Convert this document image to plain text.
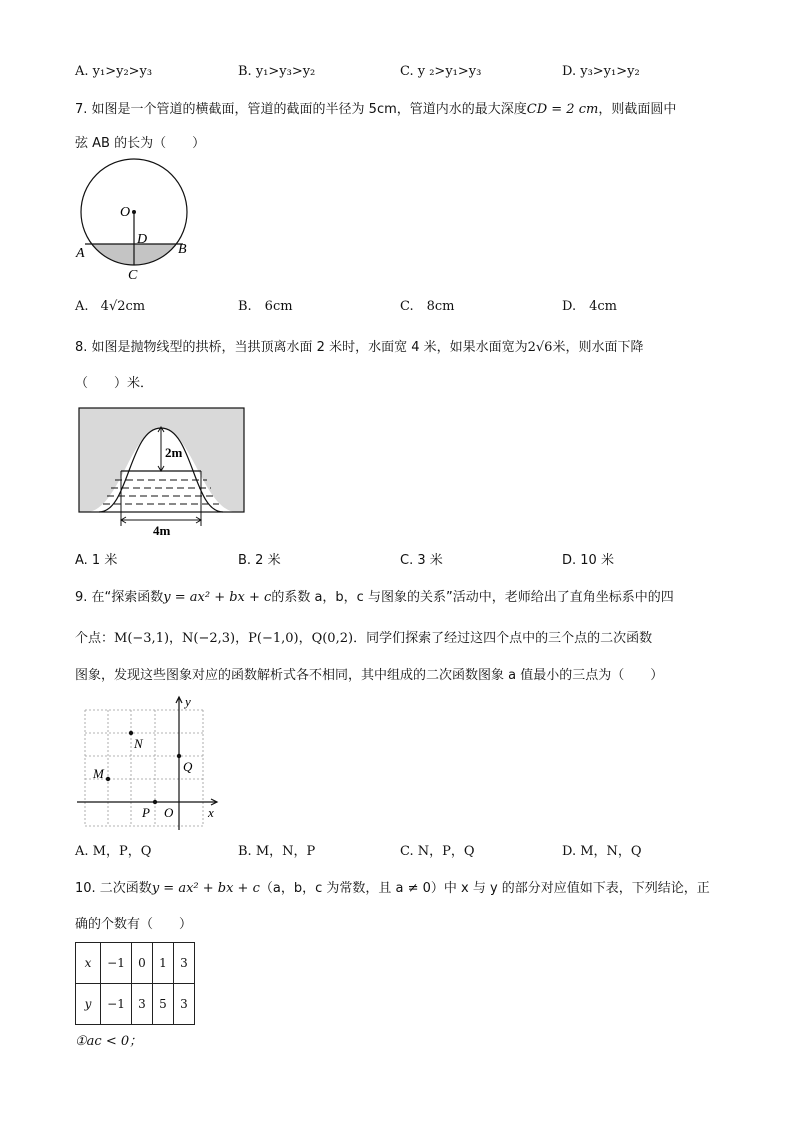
A. y₁>y₂>y₃	B. y₁>y₃>y₂	C. y ₂>y₁>y₃	D. y₃>y₁>y₂
7. 如图是一个管道的横截面，管道的截面的半径为 5cm，管道内水的最大深度CD = 2 cm，则截面圆中
弦 AB 的长为（　　）
O
D
A	B
C
A. 4√2cm	B.　6cm	C.　8cm	D.　4cm
8. 如图是抛物线型的拱桥，当拱顶离水面 2 米时，水面宽 4 米，如果水面宽为2√6米，则水面下降
（　　）米．
2m
4m
A. 1 米	B. 2 米	C. 3 米	D. 10 米
9. 在“探索函数y = ax² + bx + c的系数 a，b，c 与图象的关系”活动中，老师给出了直角坐标系中的四
个点：M(−3,1)，N(−2,3)，P(−1,0)，Q(0,2)．同学们探索了经过这四个点中的三个点的二次函数
图象，发现这些图象对应的函数解析式各不相同，其中组成的二次函数图象 a 值最小的三点为（　　）
y
x
O
N
M	Q
P
A. M，P，Q	B. M，N，P	C. N，P，Q	D. M，N，Q
10. 二次函数y = ax² + bx + c（a，b，c 为常数，且 a ≠ 0）中 x 与 y 的部分对应值如下表，下列结论，正
确的个数有（　　）
x	−1	0	1	3
y	−1	3	5	3
①ac < 0；
